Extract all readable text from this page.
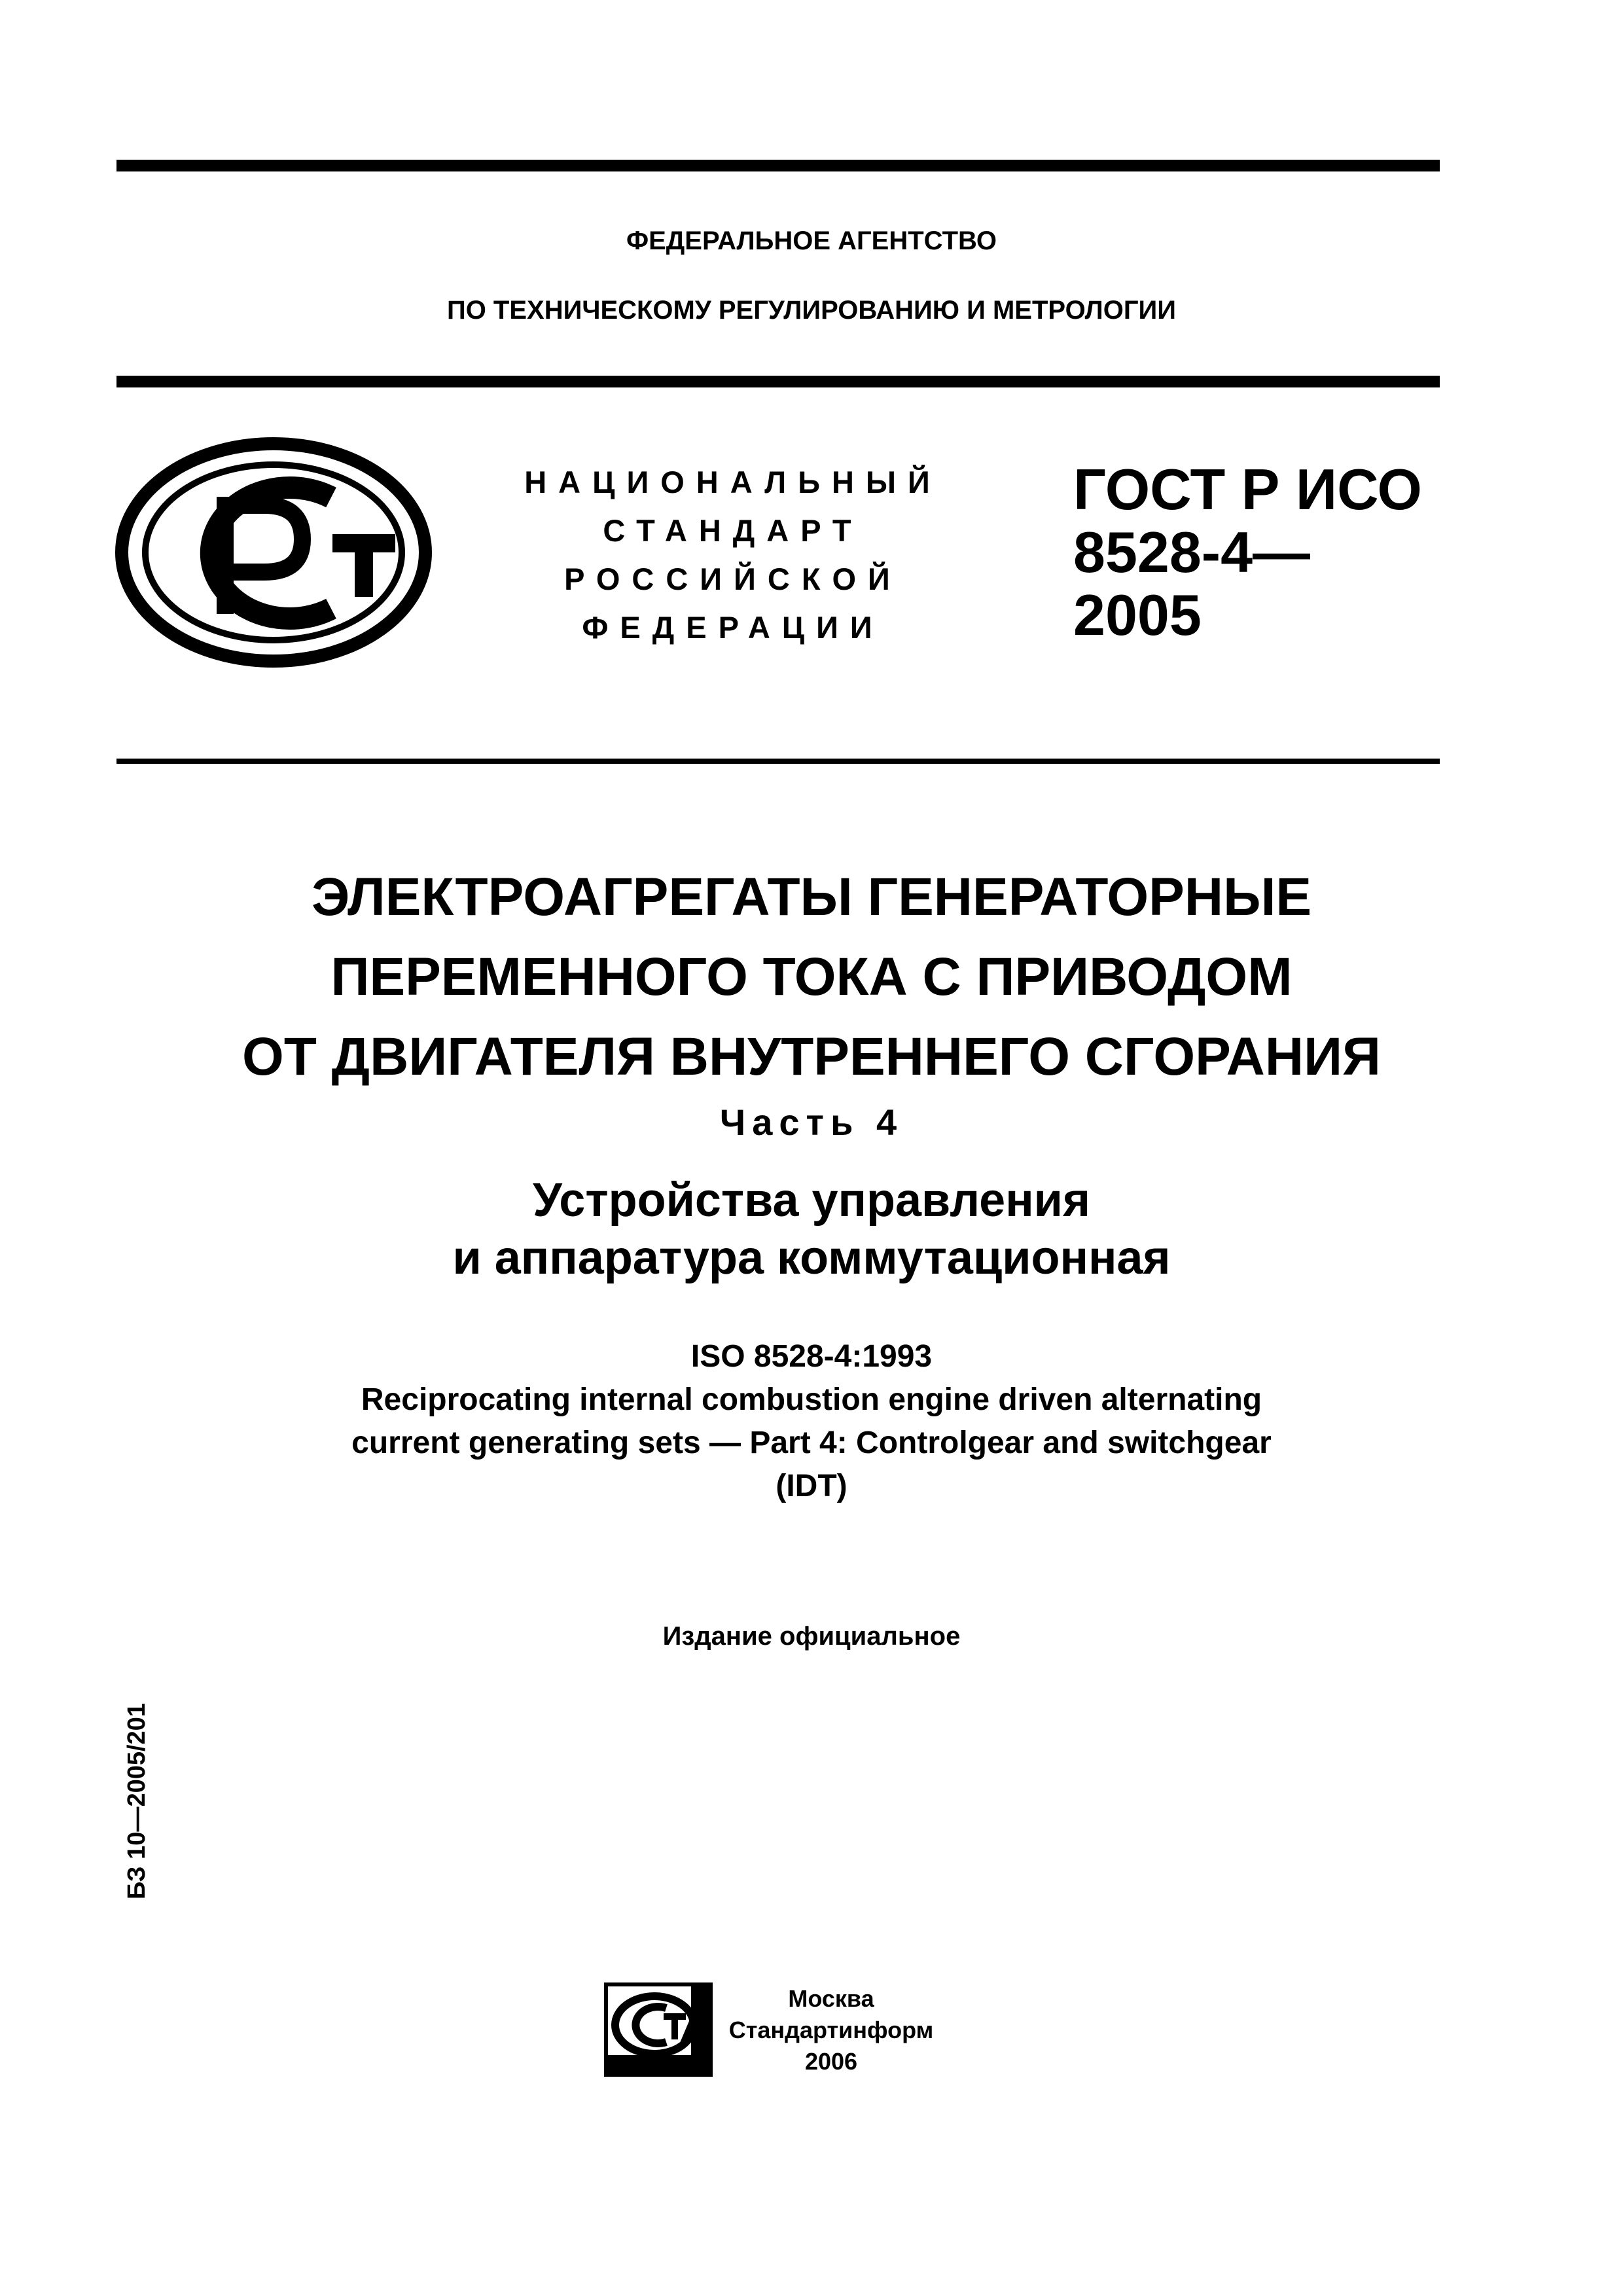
ФЕДЕРАЛЬНОЕ АГЕНТСТВО
ПО ТЕХНИЧЕСКОМУ РЕГУЛИРОВАНИЮ И МЕТРОЛОГИИ
НАЦИОНАЛЬНЫЙ
СТАНДАРТ
РОССИЙСКОЙ
ФЕДЕРАЦИИ
ГОСТ Р ИСО
8528-4—
2005
ЭЛЕКТРОАГРЕГАТЫ ГЕНЕРАТОРНЫЕ
ПЕРЕМЕННОГО ТОКА С ПРИВОДОМ
ОТ ДВИГАТЕЛЯ ВНУТРЕННЕГО СГОРАНИЯ
Часть 4
Устройства управления
и аппаратура коммутационная
ISO 8528-4:1993
Reciprocating internal combustion engine driven alternating
current generating sets — Part 4: Controlgear and switchgear
(IDT)
Издание официальное
БЗ 10—2005/201
Москва
Стандартинформ
2006
